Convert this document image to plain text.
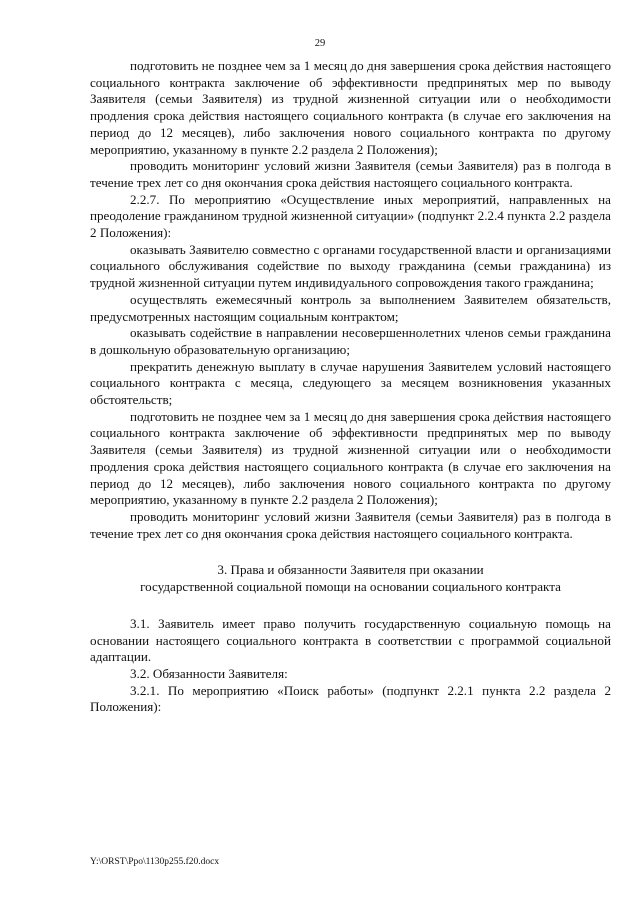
29

подготовить не позднее чем за 1 месяц до дня завершения срока действия настоящего социального контракта заключение об эффективности предпринятых мер по выводу Заявителя (семьи Заявителя) из трудной жизненной ситуации или о необходимости продления срока действия настоящего социального контракта (в случае его заключения на период до 12 месяцев), либо заключения нового социального контракта по другому мероприятию, указанному в пункте 2.2 раздела 2 Положения);

проводить мониторинг условий жизни Заявителя (семьи Заявителя) раз в полгода в течение трех лет со дня окончания срока действия настоящего социального контракта.

2.2.7. По мероприятию «Осуществление иных мероприятий, направленных на преодоление гражданином трудной жизненной ситуации» (подпункт 2.2.4 пункта 2.2 раздела 2 Положения):

оказывать Заявителю совместно с органами государственной власти и организациями социального обслуживания содействие по выходу гражданина (семьи гражданина) из трудной жизненной ситуации путем индивидуального сопровождения такого гражданина;

осуществлять ежемесячный контроль за выполнением Заявителем обязательств, предусмотренных настоящим социальным контрактом;

оказывать содействие в направлении несовершеннолетних членов семьи гражданина в дошкольную образовательную организацию;

прекратить денежную выплату в случае нарушения Заявителем условий настоящего социального контракта с месяца, следующего за месяцем возникновения указанных обстоятельств;

подготовить не позднее чем за 1 месяц до дня завершения срока действия настоящего социального контракта заключение об эффективности предпринятых мер по выводу Заявителя (семьи Заявителя) из трудной жизненной ситуации или о необходимости продления срока действия настоящего социального контракта (в случае его заключения на период до 12 месяцев), либо заключения нового социального контракта по другому мероприятию, указанному в пункте 2.2 раздела 2 Положения);

проводить мониторинг условий жизни Заявителя (семьи Заявителя) раз в полгода в течение трех лет со дня окончания срока действия настоящего социального контракта.

3. Права и обязанности Заявителя при оказании
государственной социальной помощи на основании социального контракта

3.1. Заявитель имеет право получить государственную социальную помощь на основании настоящего социального контракта в соответствии с программой социальной адаптации.

3.2. Обязанности Заявителя:

3.2.1. По мероприятию «Поиск работы» (подпункт 2.2.1 пункта 2.2 раздела 2 Положения):

Y:\ORST\Ppo\1130p255.f20.docx
